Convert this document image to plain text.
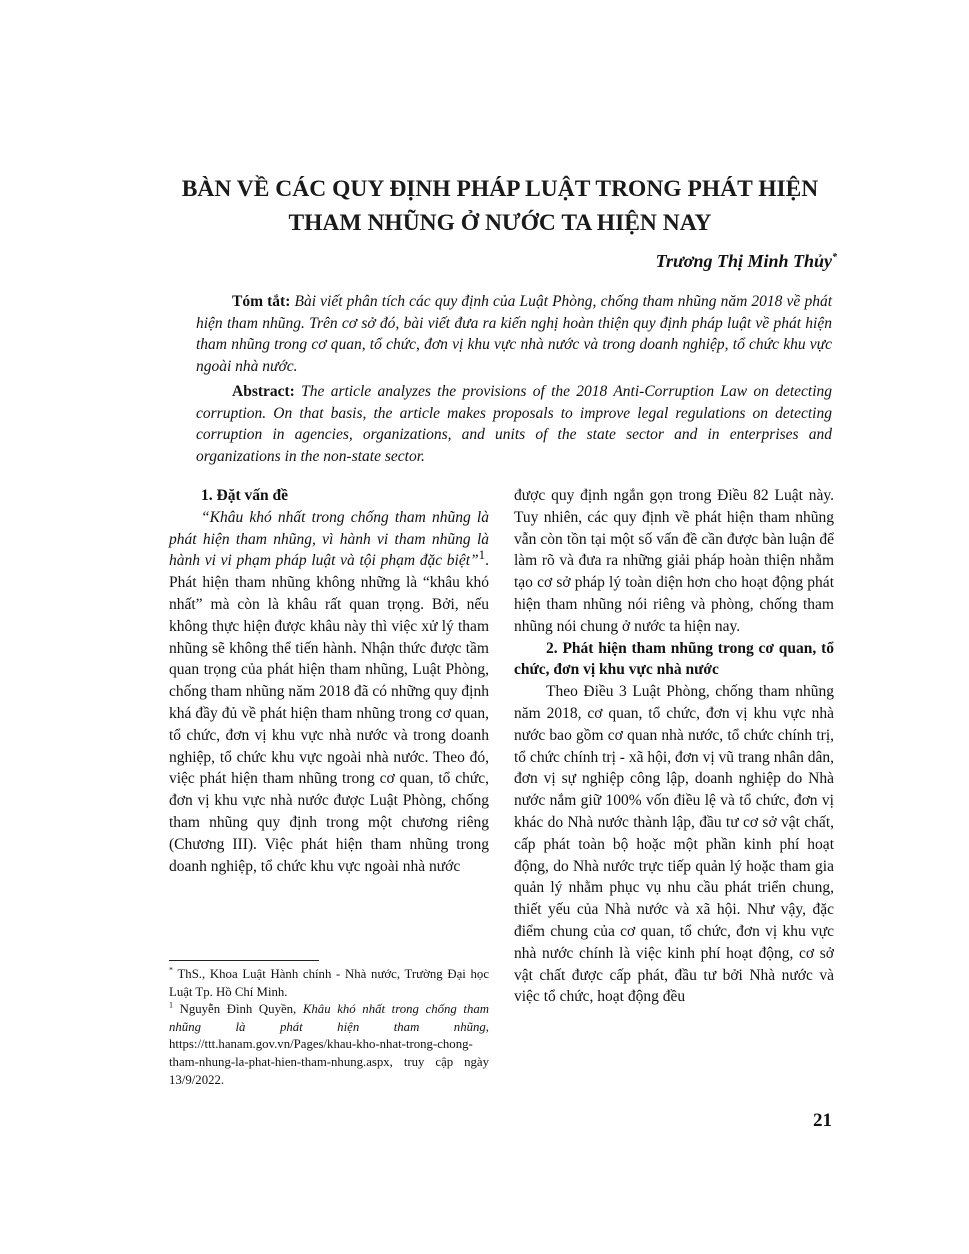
BÀN VỀ CÁC QUY ĐỊNH PHÁP LUẬT TRONG PHÁT HIỆN
THAM NHŨNG Ở NƯỚC TA HIỆN NAY
Trương Thị Minh Thủy*
Tóm tắt: Bài viết phân tích các quy định của Luật Phòng, chống tham nhũng năm 2018 về phát hiện tham nhũng. Trên cơ sở đó, bài viết đưa ra kiến nghị hoàn thiện quy định pháp luật về phát hiện tham nhũng trong cơ quan, tổ chức, đơn vị khu vực nhà nước và trong doanh nghiệp, tổ chức khu vực ngoài nhà nước.
Abstract: The article analyzes the provisions of the 2018 Anti-Corruption Law on detecting corruption. On that basis, the article makes proposals to improve legal regulations on detecting corruption in agencies, organizations, and units of the state sector and in enterprises and organizations in the non-state sector.

1. Đặt vấn đề

“Khâu khó nhất trong chống tham nhũng là phát hiện tham nhũng, vì hành vi tham nhũng là hành vi vi phạm pháp luật và tội phạm đặc biệt”$^1$. Phát hiện tham nhũng không những là “khâu khó nhất” mà còn là khâu rất quan trọng. Bởi, nếu không thực hiện được khâu này thì việc xử lý tham nhũng sẽ không thể tiến hành. Nhận thức được tầm quan trọng của phát hiện tham nhũng, Luật Phòng, chống tham nhũng năm 2018 đã có những quy định khá đầy đủ về phát hiện tham nhũng trong cơ quan, tổ chức, đơn vị khu vực nhà nước và trong doanh nghiệp, tổ chức khu vực ngoài nhà nước. Theo đó, việc phát hiện tham nhũng trong cơ quan, tổ chức, đơn vị khu vực nhà nước được Luật Phòng, chống tham nhũng quy định trong một chương riêng (Chương III). Việc phát hiện tham nhũng trong doanh nghiệp, tổ chức khu vực ngoài nhà nước

được quy định ngắn gọn trong Điều 82 Luật này. Tuy nhiên, các quy định về phát hiện tham nhũng vẫn còn tồn tại một số vấn đề cần được bàn luận để làm rõ và đưa ra những giải pháp hoàn thiện nhằm tạo cơ sở pháp lý toàn diện hơn cho hoạt động phát hiện tham nhũng nói riêng và phòng, chống tham nhũng nói chung ở nước ta hiện nay.

2. Phát hiện tham nhũng trong cơ quan, tổ chức, đơn vị khu vực nhà nước

Theo Điều 3 Luật Phòng, chống tham nhũng năm 2018, cơ quan, tổ chức, đơn vị khu vực nhà nước bao gồm cơ quan nhà nước, tổ chức chính trị, tổ chức chính trị - xã hội, đơn vị vũ trang nhân dân, đơn vị sự nghiệp công lập, doanh nghiệp do Nhà nước nắm giữ 100% vốn điều lệ và tổ chức, đơn vị khác do Nhà nước thành lập, đầu tư cơ sở vật chất, cấp phát toàn bộ hoặc một phần kinh phí hoạt động, do Nhà nước trực tiếp quản lý hoặc tham gia quản lý nhằm phục vụ nhu cầu phát triển chung, thiết yếu của Nhà nước và xã hội. Như vậy, đặc điểm chung của cơ quan, tổ chức, đơn vị khu vực nhà nước chính là việc kinh phí hoạt động, cơ sở vật chất được cấp phát, đầu tư bởi Nhà nước và việc tổ chức, hoạt động đều

* ThS., Khoa Luật Hành chính - Nhà nước, Trường Đại học Luật Tp. Hồ Chí Minh.

$^1$ Nguyễn Đình Quyền, Khâu khó nhất trong chống tham nhũng là phát hiện tham nhũng, https://ttt.hanam.gov.vn/Pages/khau-kho-nhat-trong-chong-tham-nhung-la-phat-hien-tham-nhung.aspx, truy cập ngày 13/9/2022.

21
